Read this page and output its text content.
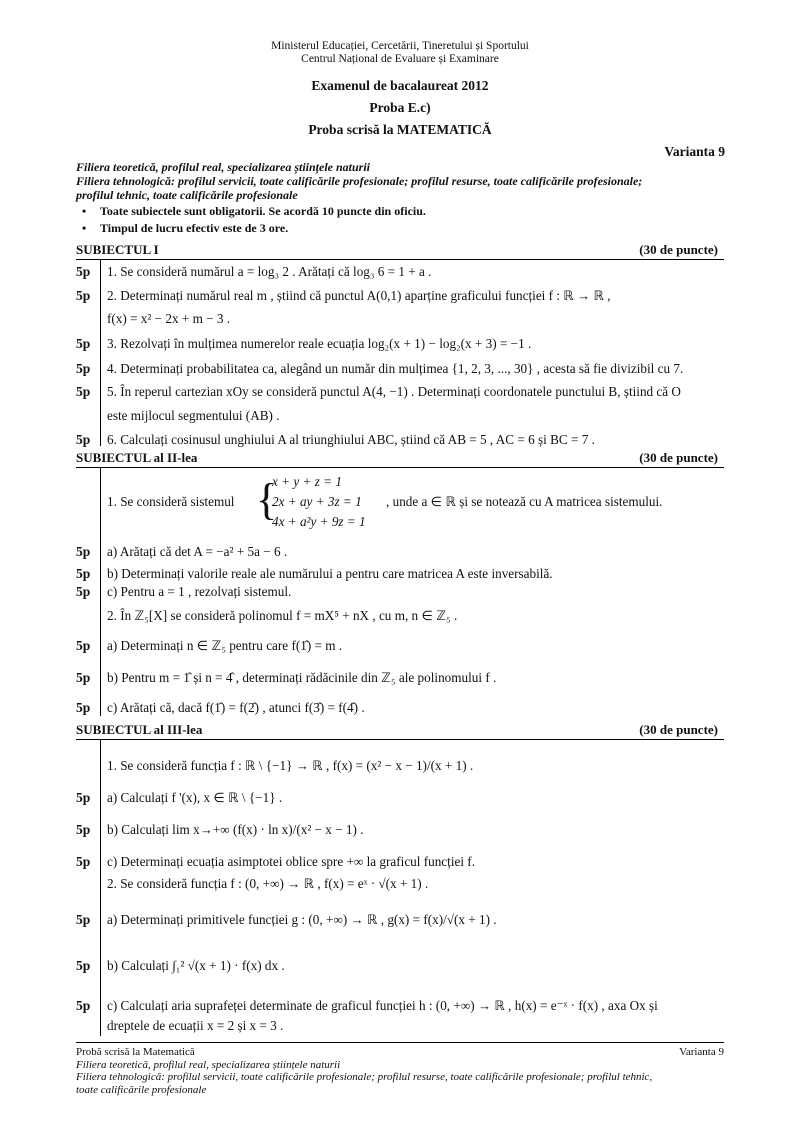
Ministerul Educației, Cercetării, Tineretului și Sportului
Centrul Național de Evaluare și Examinare
Examenul de bacalaureat 2012
Proba E.c)
Proba scrisă la MATEMATICĂ
Varianta 9
Filiera teoretică, profilul real, specializarea științele naturii
Filiera tehnologică: profilul servicii, toate calificările profesionale; profilul resurse, toate calificările profesionale;
profilul tehnic, toate calificările profesionale
• Toate subiectele sunt obligatorii. Se acordă 10 puncte din oficiu.
• Timpul de lucru efectiv este de 3 ore.
SUBIECTUL I	(30 de puncte)
5p	1. Se consideră numărul a = log₃ 2 . Arătați că log₃ 6 = 1 + a .
5p	2. Determinați numărul real m , știind că punctul A(0,1) aparține graficului funcției f : ℝ → ℝ ,
f(x) = x² − 2x + m − 3 .
5p	3. Rezolvați în mulțimea numerelor reale ecuația log₂(x + 1) − log₂(x + 3) = −1 .
5p	4. Determinați probabilitatea ca, alegând un număr din mulțimea {1, 2, 3, ..., 30} , acesta să fie divizibil cu 7.
5p	5. În reperul cartezian xOy se consideră punctul A(4, −1) . Determinați coordonatele punctului B, știind că O
este mijlocul segmentului (AB) .
5p	6. Calculați cosinusul unghiului A al triunghiului ABC, știind că AB = 5 , AC = 6 și BC = 7 .
SUBIECTUL al II-lea	(30 de puncte)
1. Se consideră sistemul {
x + y + z = 1
2x + ay + 3z = 1
4x + a²y + 9z = 1
, unde a ∈ ℝ și se notează cu A matricea sistemului.
5p	a) Arătați că det A = −a² + 5a − 6 .
5p	b) Determinați valorile reale ale numărului a pentru care matricea A este inversabilă.
5p	c) Pentru a = 1 , rezolvați sistemul.
2. În ℤ₅[X] se consideră polinomul f = mX⁵ + nX , cu m, n ∈ ℤ₅ .
5p	a) Determinați n ∈ ℤ₅ pentru care f(1̂) = m .
5p	b) Pentru m = 1̂ și n = 4̂ , determinați rădăcinile din ℤ₅ ale polinomului f .
5p	c) Arătați că, dacă f(1̂) = f(2̂) , atunci f(3̂) = f(4̂) .
SUBIECTUL al III-lea	(30 de puncte)
1. Se consideră funcția f : ℝ \ {−1} → ℝ , f(x) = (x² − x − 1)/(x + 1) .
5p	a) Calculați f '(x), x ∈ ℝ \ {−1} .
5p	b) Calculați lim x→+∞ (f(x) · ln x)/(x² − x − 1) .
5p	c) Determinați ecuația asimptotei oblice spre +∞ la graficul funcției f.
2. Se consideră funcția f : (0, +∞) → ℝ , f(x) = eˣ · √(x + 1) .
5p	a) Determinați primitivele funcției g : (0, +∞) → ℝ , g(x) = f(x)/√(x + 1) .
5p	b) Calculați ∫₁² √(x + 1) · f(x) dx .
5p	c) Calculați aria suprafeței determinate de graficul funcției h : (0, +∞) → ℝ , h(x) = e⁻ˣ · f(x) , axa Ox și
dreptele de ecuații x = 2 și x = 3 .
Probă scrisă la Matematică	Varianta 9
Filiera teoretică, profilul real, specializarea științele naturii
Filiera tehnologică: profilul servicii, toate calificările profesionale; profilul resurse, toate calificările profesionale; profilul tehnic,
toate calificările profesionale
